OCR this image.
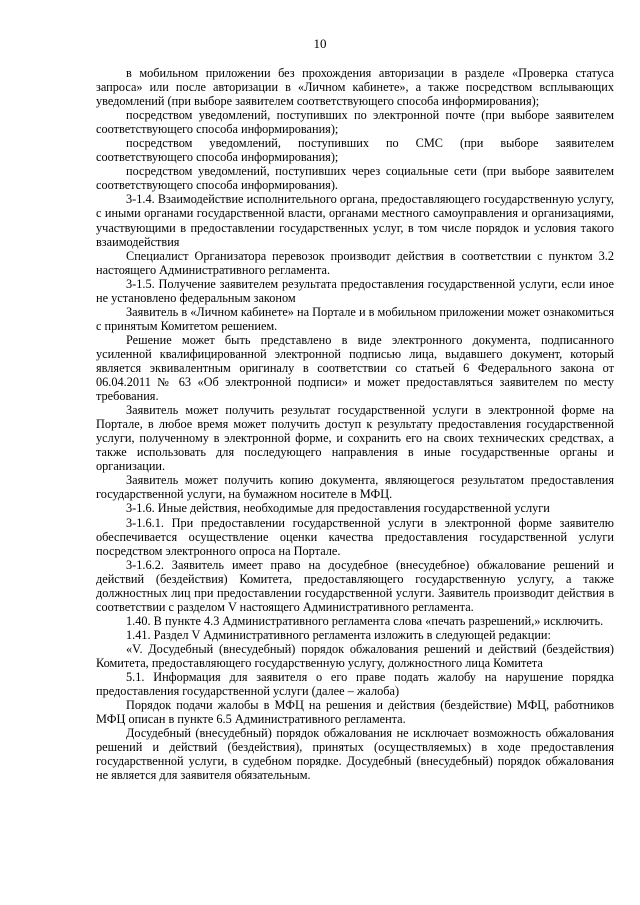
10

в мобильном приложении без прохождения авторизации в разделе «Проверка статуса запроса» или после авторизации в «Личном кабинете», а также посредством всплывающих уведомлений (при выборе заявителем соответствующего способа информирования);

посредством уведомлений, поступивших по электронной почте (при выборе заявителем соответствующего способа информирования);

посредством уведомлений, поступивших по СМС (при выборе заявителем соответствующего способа информирования);

посредством уведомлений, поступивших через социальные сети (при выборе заявителем соответствующего способа информирования).

3-1.4. Взаимодействие исполнительного органа, предоставляющего государственную услугу, с иными органами государственной власти, органами местного самоуправления и организациями, участвующими в предоставлении государственных услуг, в том числе порядок и условия такого взаимодействия

Специалист Организатора перевозок производит действия в соответствии с пунктом 3.2 настоящего Административного регламента.

3-1.5. Получение заявителем результата предоставления государственной услуги, если иное не установлено федеральным законом

Заявитель в «Личном кабинете» на Портале и в мобильном приложении может ознакомиться с принятым Комитетом решением.

Решение может быть представлено в виде электронного документа, подписанного усиленной квалифицированной электронной подписью лица, выдавшего документ, который является эквивалентным оригиналу в соответствии со статьей 6 Федерального закона от 06.04.2011 № 63 «Об электронной подписи» и может предоставляться заявителем по месту требования.

Заявитель может получить результат государственной услуги в электронной форме на Портале, в любое время может получить доступ к результату предоставления государственной услуги, полученному в электронной форме, и сохранить его на своих технических средствах, а также использовать для последующего направления в иные государственные органы и организации.

Заявитель может получить копию документа, являющегося результатом предоставления государственной услуги, на бумажном носителе в МФЦ.

3-1.6. Иные действия, необходимые для предоставления государственной услуги

3-1.6.1. При предоставлении государственной услуги в электронной форме заявителю обеспечивается осуществление оценки качества предоставления государственной услуги посредством электронного опроса на Портале.

3-1.6.2. Заявитель имеет право на досудебное (внесудебное) обжалование решений и действий (бездействия) Комитета, предоставляющего государственную услугу, а также должностных лиц при предоставлении государственной услуги. Заявитель производит действия в соответствии с разделом V настоящего Административного регламента.

1.40. В пункте 4.3 Административного регламента слова «печать разрешений,» исключить.

1.41. Раздел V Административного регламента изложить в следующей редакции:

«V. Досудебный (внесудебный) порядок обжалования решений и действий (бездействия) Комитета, предоставляющего государственную услугу, должностного лица Комитета

5.1. Информация для заявителя о его праве подать жалобу на нарушение порядка предоставления государственной услуги (далее – жалоба)

Порядок подачи жалобы в МФЦ на решения и действия (бездействие) МФЦ, работников МФЦ описан в пункте 6.5 Административного регламента.

Досудебный (внесудебный) порядок обжалования не исключает возможность обжалования решений и действий (бездействия), принятых (осуществляемых) в ходе предоставления государственной услуги, в судебном порядке. Досудебный (внесудебный) порядок обжалования не является для заявителя обязательным.
